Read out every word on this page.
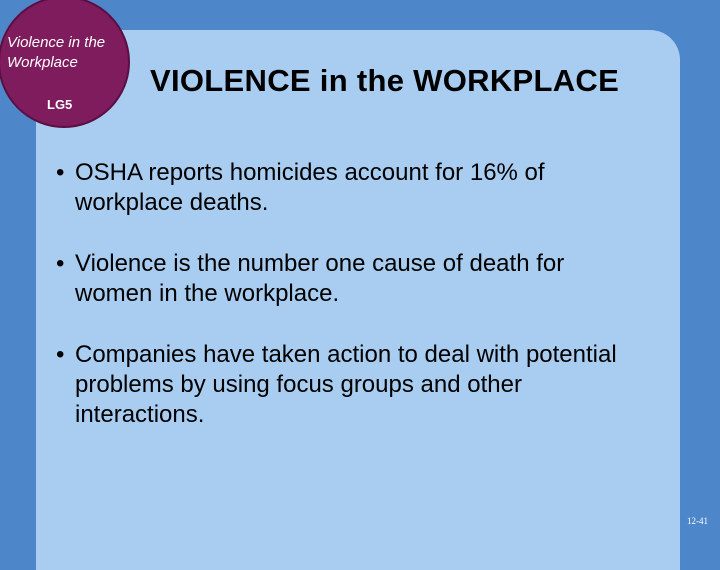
Violence in the Workplace
LG5
VIOLENCE in the WORKPLACE
• OSHA reports homicides account for 16% of workplace deaths.
• Violence is the number one cause of death for women in the workplace.
• Companies have taken action to deal with potential problems by using focus groups and other interactions.
12-41
